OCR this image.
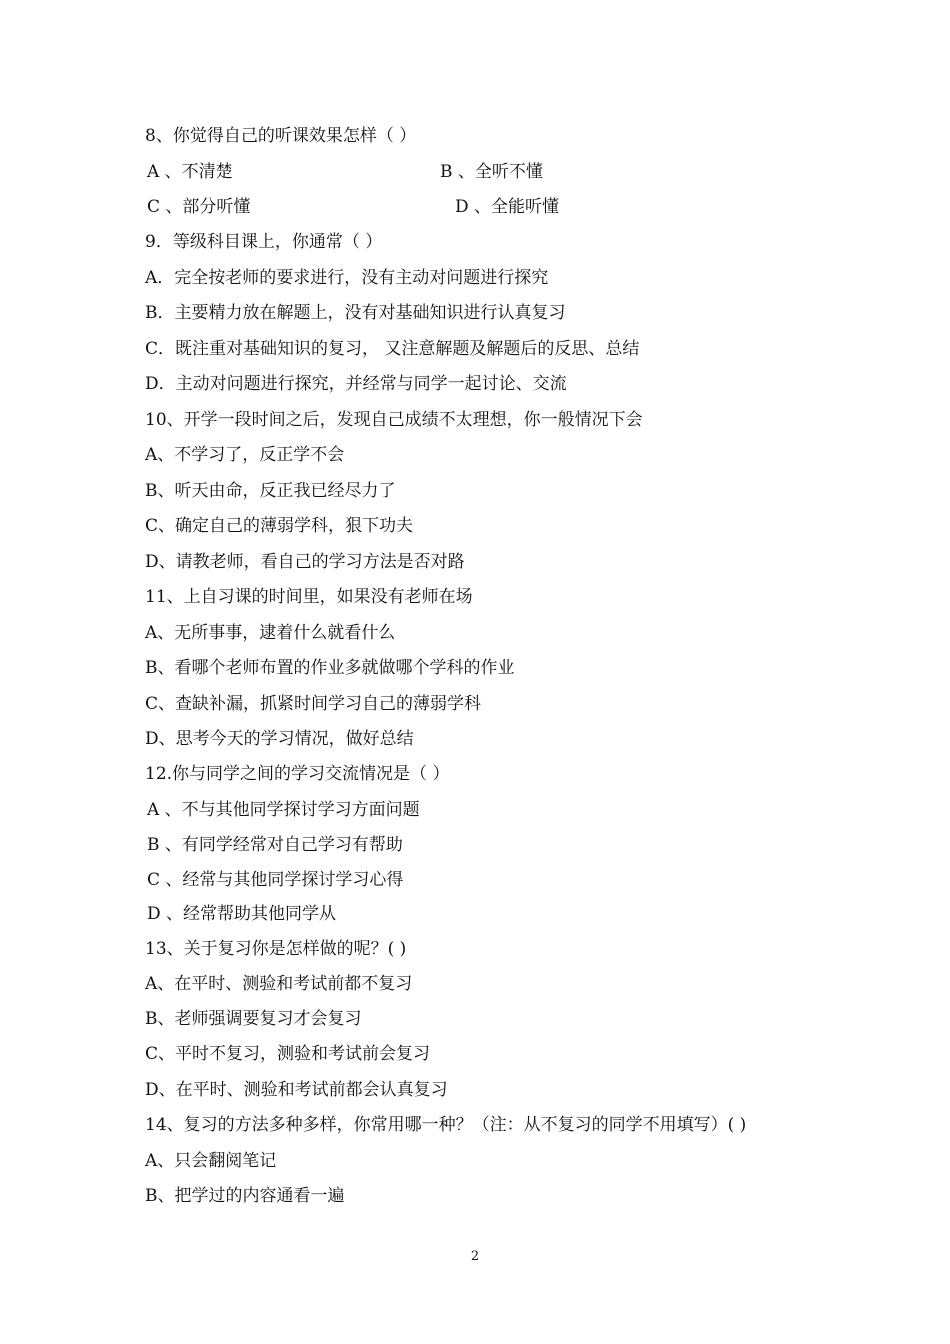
8、你觉得自己的听课效果怎样（ ）
A 、不清楚	B 、全听不懂
C 、部分听懂	D 、全能听懂
9．等级科目课上，你通常（ ）
A．完全按老师的要求进行，没有主动对问题进行探究
B．主要精力放在解题上，没有对基础知识进行认真复习
C．既注重对基础知识的复习， 又注意解题及解题后的反思、总结
D．主动对问题进行探究，并经常与同学一起讨论、交流
10、开学一段时间之后，发现自己成绩不太理想，你一般情况下会
A、不学习了，反正学不会
B、听天由命，反正我已经尽力了
C、确定自己的薄弱学科，狠下功夫
D、请教老师，看自己的学习方法是否对路
11、上自习课的时间里，如果没有老师在场
A、无所事事，逮着什么就看什么
B、看哪个老师布置的作业多就做哪个学科的作业
C、查缺补漏，抓紧时间学习自己的薄弱学科
D、思考今天的学习情况，做好总结
12.你与同学之间的学习交流情况是（ ）
A 、不与其他同学探讨学习方面问题
B 、有同学经常对自己学习有帮助
C 、经常与其他同学探讨学习心得
D 、经常帮助其他同学从
13、关于复习你是怎样做的呢？( )
A、在平时、测验和考试前都不复习
B、老师强调要复习才会复习
C、平时不复习，测验和考试前会复习
D、在平时、测验和考试前都会认真复习
14、复习的方法多种多样，你常用哪一种？（注：从不复习的同学不用填写）( )
A、只会翻阅笔记
B、把学过的内容通看一遍
2
